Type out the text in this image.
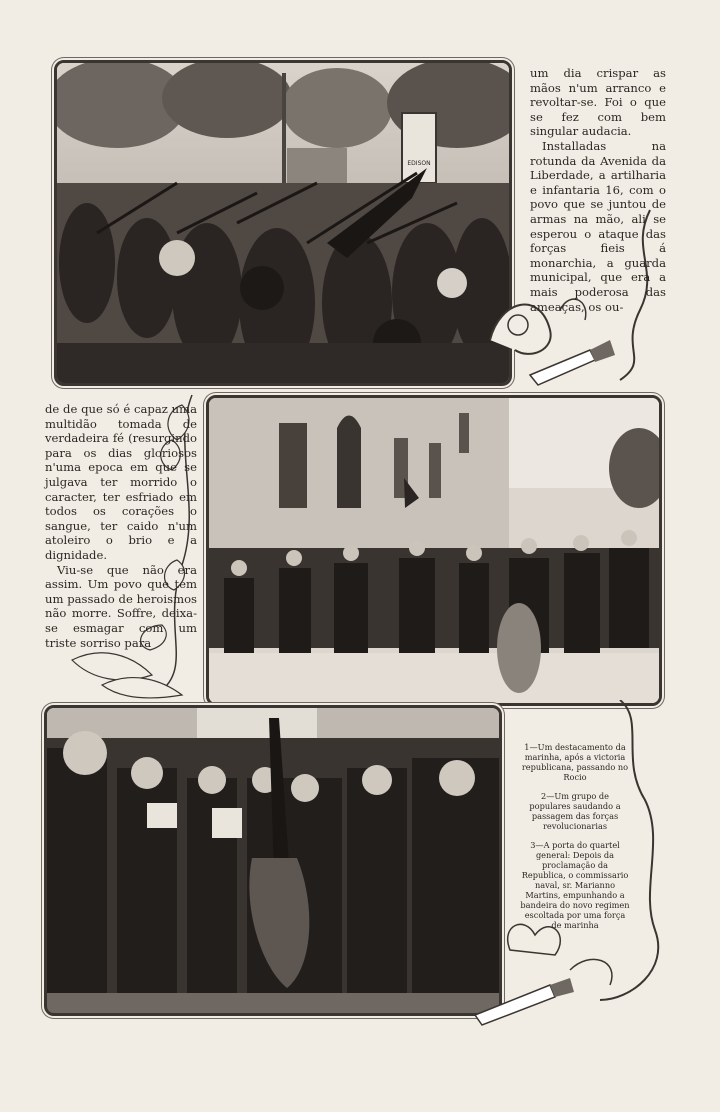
EDISON

um dia crispar as mãos n'um arranco e revoltar-se. Foi o que se fez com bem singular audacia.

Installadas na rotunda da Avenida da Liberdade, a artilharia e infantaria 16, com o povo que se juntou de armas na mão, ali se esperou o ataque das forças fieis á monarchia, a guarda municipal, que era a mais poderosa das ameaças, os ou-

de de que só é capaz uma multidão tomada de verdadeira fé (resurgindo para os dias gloriosos n'uma epoca em que se julgava ter morrido o caracter, ter esfriado em todos os corações o sangue, ter caido n'um atoleiro o brio e a dignidade.

Viu-se que não era assim. Um povo que tem um passado de heroismos não morre. Soffre, deixa-se esmagar com um triste sorriso para

1—Um destacamento da marinha, após a victoria republicana, passando no Rocio

2—Um grupo de populares saudando a passagem das forças revolucionarias

3—A porta do quartel general: Depois da proclamação da Republica, o commissario naval, sr. Marianno Martins, empunhando a bandeira do novo regimen escoltada por uma força de marinha
